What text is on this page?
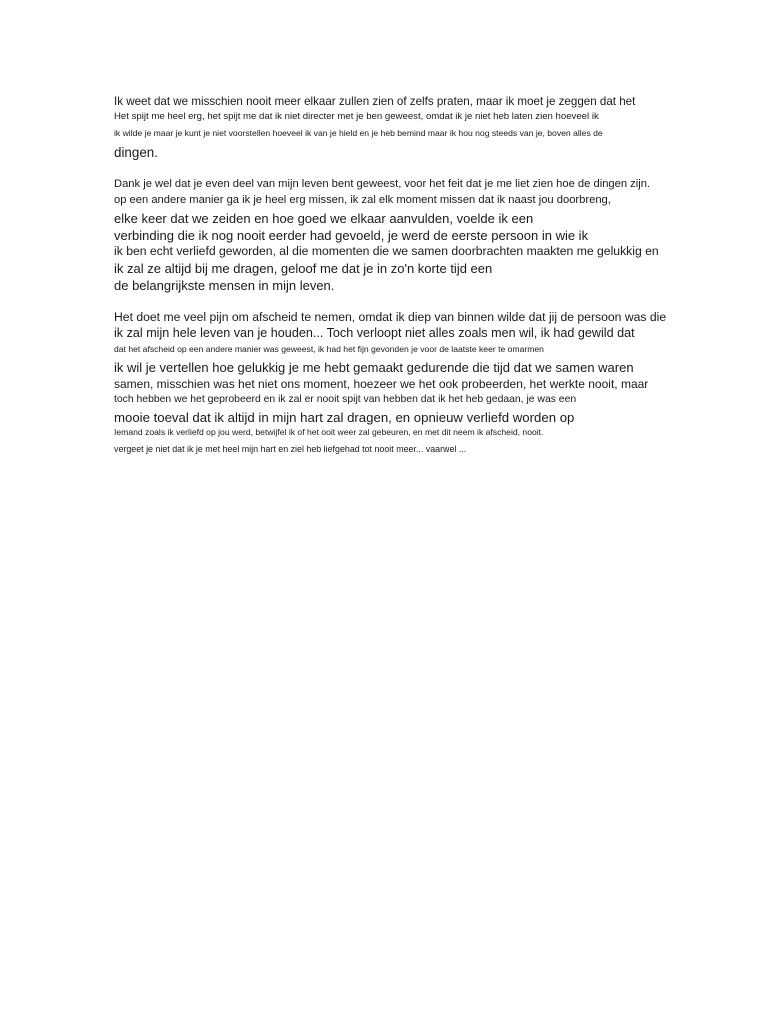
Ik weet dat we misschien nooit meer elkaar zullen zien of zelfs praten, maar ik moet je zeggen dat het
Het spijt me heel erg, het spijt me dat ik niet directer met je ben geweest, omdat ik je niet heb laten zien hoeveel ik
ik wilde je maar je kunt je niet voorstellen hoeveel ik van je hield en je heb bemind maar ik hou nog steeds van je, boven alles de
dingen.
Dank je wel dat je even deel van mijn leven bent geweest, voor het feit dat je me liet zien hoe de dingen zijn.
op een andere manier ga ik je heel erg missen, ik zal elk moment missen dat ik naast jou doorbreng,
elke keer dat we zeiden en hoe goed we elkaar aanvulden, voelde ik een
verbinding die ik nog nooit eerder had gevoeld, je werd de eerste persoon in wie ik
ik ben echt verliefd geworden, al die momenten die we samen doorbrachten maakten me gelukkig en
ik zal ze altijd bij me dragen, geloof me dat je in zo'n korte tijd een
de belangrijkste mensen in mijn leven.
Het doet me veel pijn om afscheid te nemen, omdat ik diep van binnen wilde dat jij de persoon was die
ik zal mijn hele leven van je houden... Toch verloopt niet alles zoals men wil, ik had gewild dat
dat het afscheid op een andere manier was geweest, ik had het fijn gevonden je voor de laatste keer te omarmen
ik wil je vertellen hoe gelukkig je me hebt gemaakt gedurende die tijd dat we samen waren
samen, misschien was het niet ons moment, hoezeer we het ook probeerden, het werkte nooit, maar
toch hebben we het geprobeerd en ik zal er nooit spijt van hebben dat ik het heb gedaan, je was een
mooie toeval dat ik altijd in mijn hart zal dragen, en opnieuw verliefd worden op
Iemand zoals ik verliefd op jou werd, betwijfel ik of het ooit weer zal gebeuren, en met dit neem ik afscheid, nooit.
vergeet je niet dat ik je met heel mijn hart en ziel heb liefgehad tot nooit meer... vaarwel ...
